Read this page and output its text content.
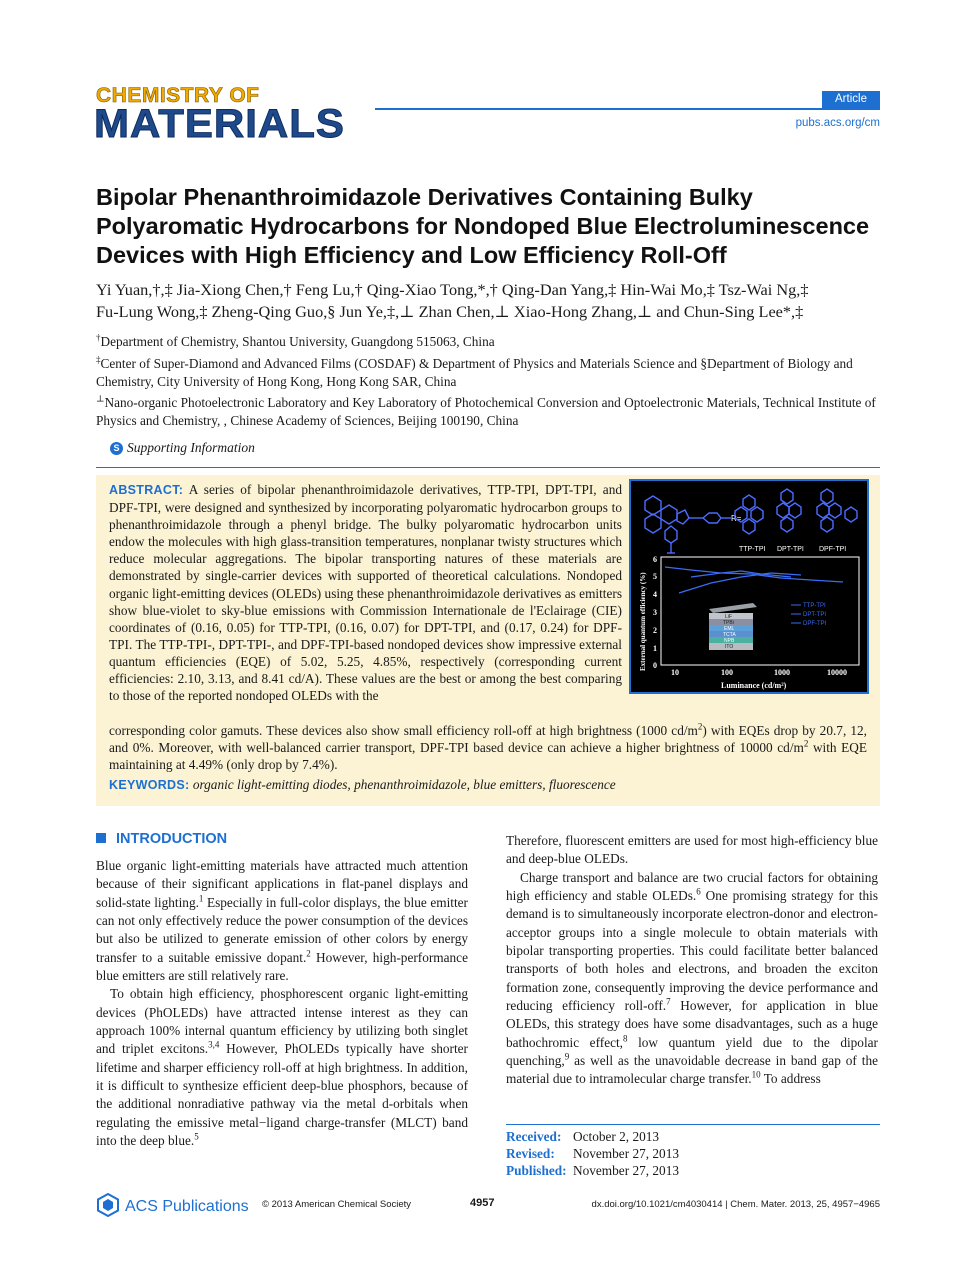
CHEMISTRY OF
MATERIALS
Article
pubs.acs.org/cm
Bipolar Phenanthroimidazole Derivatives Containing Bulky Polyaromatic Hydrocarbons for Nondoped Blue Electroluminescence Devices with High Efficiency and Low Efficiency Roll-Off
Yi Yuan,†,‡ Jia-Xiong Chen,† Feng Lu,† Qing-Xiao Tong,*,† Qing-Dan Yang,‡ Hin-Wai Mo,‡ Tsz-Wai Ng,‡
Fu-Lung Wong,‡ Zheng-Qing Guo,§ Jun Ye,‡,⊥ Zhan Chen,⊥ Xiao-Hong Zhang,⊥ and Chun-Sing Lee*,‡
†Department of Chemistry, Shantou University, Guangdong 515063, China
‡Center of Super-Diamond and Advanced Films (COSDAF) & Department of Physics and Materials Science and §Department of Biology and Chemistry, City University of Hong Kong, Hong Kong SAR, China
⊥Nano-organic Photoelectronic Laboratory and Key Laboratory of Photochemical Conversion and Optoelectronic Materials, Technical Institute of Physics and Chemistry, , Chinese Academy of Sciences, Beijing 100190, China
S Supporting Information
ABSTRACT: A series of bipolar phenanthroimidazole derivatives, TTP-TPI, DPT-TPI, and DPF-TPI, were designed and synthesized by incorporating polyaromatic hydrocarbon groups to phenanthroimidazole through a phenyl bridge. The bulky polyaromatic hydrocarbon units endow the molecules with high glass-transition temperatures, nonplanar twisty structures which reduce molecular aggregations. The bipolar transporting natures of these materials are demonstrated by single-carrier devices with supported of theoretical calculations. Nondoped organic light-emitting devices (OLEDs) using these phenanthroimidazole derivatives as emitters show blue-violet to sky-blue emissions with Commission Internationale de l'Eclairage (CIE) coordinates of (0.16, 0.05) for TTP-TPI, (0.16, 0.07) for DPT-TPI, and (0.17, 0.24) for DPF-TPI. The TTP-TPI-, DPT-TPI-, and DPF-TPI-based nondoped devices show impressive external quantum efficiencies (EQE) of 5.02, 5.25, 4.85%, respectively (corresponding current efficiencies: 2.10, 3.13, and 8.41 cd/A). These values are the best or among the best comparing to those of the reported nondoped OLEDs with the
corresponding color gamuts. These devices also show small efficiency roll-off at high brightness (1000 $cd/m^2$) with EQEs drop by 20.7, 12, and 0%. Moreover, with well-balanced carrier transport, DPF-TPI based device can achieve a higher brightness of 10000 $cd/m^2$ with EQE maintaining at 4.49% (only drop by 7.4%).
KEYWORDS: organic light-emitting diodes, phenanthroimidazole, blue emitters, fluorescence
R=
TTP-TPI DPT-TPI DPF-TPI
6
5
4
3
2
1
0
10	100	1000	10000
Luminance (cd/m²)
External quantum efficiency (%)	LiF
TPBi
EML
TCTA
NPB
ITO
TTP-TPI
DPT-TPI
DPF-TPI
INTRODUCTION
Blue organic light-emitting materials have attracted much attention because of their significant applications in flat-panel displays and solid-state lighting.$^1$ Especially in full-color displays, the blue emitter can not only effectively reduce the power consumption of the devices but also be utilized to generate emission of other colors by energy transfer to a suitable emissive dopant.$^2$ However, high-performance blue emitters are still relatively rare.
To obtain high efficiency, phosphorescent organic light-emitting devices (PhOLEDs) have attracted intense interest as they can approach 100% internal quantum efficiency by utilizing both singlet and triplet excitons.$^{3,4}$ However, PhOLEDs typically have shorter lifetime and sharper efficiency roll-off at high brightness. In addition, it is difficult to synthesize efficient deep-blue phosphors, because of the additional nonradiative pathway via the metal d-orbitals when regulating the emissive metal−ligand charge-transfer (MLCT) band into the deep blue.$^5$
Therefore, fluorescent emitters are used for most high-efficiency blue and deep-blue OLEDs.
Charge transport and balance are two crucial factors for obtaining high efficiency and stable OLEDs.$^6$ One promising strategy for this demand is to simultaneously incorporate electron-donor and electron-acceptor groups into a single molecule to obtain materials with bipolar transporting properties. This could facilitate better balanced transports of both holes and electrons, and broaden the exciton formation zone, consequently improving the device performance and reducing efficiency roll-off.$^7$ However, for application in blue OLEDs, this strategy does have some disadvantages, such as a huge bathochromic effect,$^8$ low quantum yield due to the dipolar quenching,$^9$ as well as the unavoidable decrease in band gap of the material due to intramolecular charge transfer.$^{10}$ To address
Received: October 2, 2013
Revised: November 27, 2013
Published: November 27, 2013
ACS Publications © 2013 American Chemical Society	4957	dx.doi.org/10.1021/cm4030414 | Chem. Mater. 2013, 25, 4957−4965
